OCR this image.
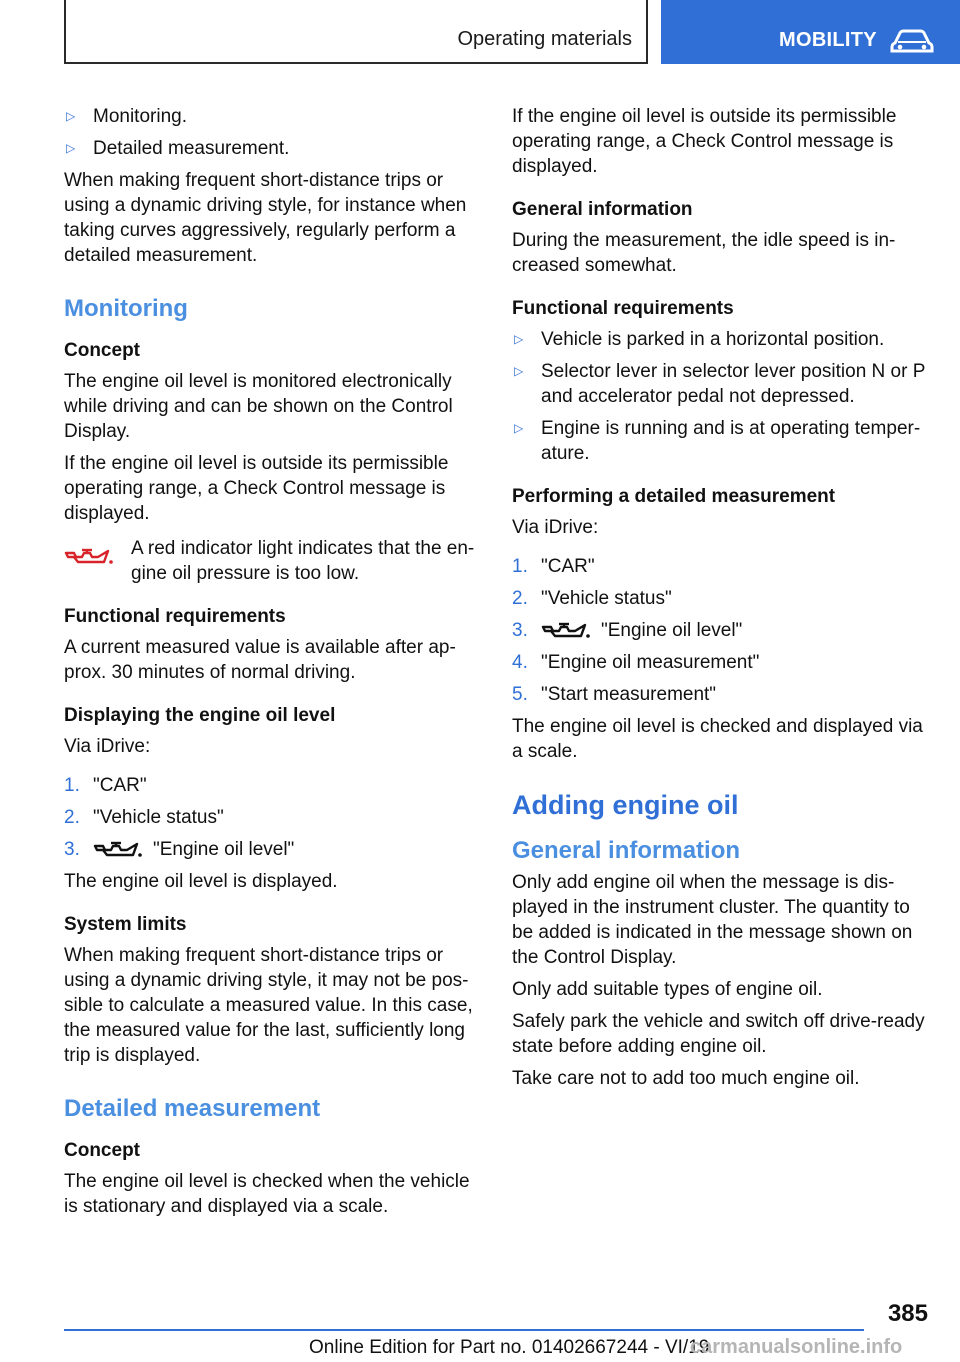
Operating materials	MOBILITY
▷ Monitoring.
▷ Detailed measurement.

When making frequent short-distance trips or using a dynamic driving style, for instance when taking curves aggressively, regularly perform a detailed measurement.

Monitoring
Concept

The engine oil level is monitored electronically while driving and can be shown on the Control Display.

If the engine oil level is outside its permissible operating range, a Check Control message is displayed.

A red indicator light indicates that the en‐gine oil pressure is too low.

Functional requirements

A current measured value is available after ap‐prox. 30 minutes of normal driving.

Displaying the engine oil level

Via iDrive:

1. "CAR"
2. "Vehicle status"
3.	"Engine oil level"

The engine oil level is displayed.

System limits

When making frequent short-distance trips or using a dynamic driving style, it may not be pos‐sible to calculate a measured value. In this case, the measured value for the last, sufficiently long trip is displayed.

Detailed measurement
Concept

The engine oil level is checked when the vehicle is stationary and displayed via a scale.

If the engine oil level is outside its permissible operating range, a Check Control message is displayed.

General information

During the measurement, the idle speed is in‐creased somewhat.

Functional requirements
▷ Vehicle is parked in a horizontal position.
▷ Selector lever in selector lever position N or P and accelerator pedal not depressed.
▷ Engine is running and is at operating temper‐ature.
Performing a detailed measurement

Via iDrive:

1. "CAR"
2. "Vehicle status"
3.	"Engine oil level"
4. "Engine oil measurement"
5. "Start measurement"

The engine oil level is checked and displayed via a scale.

Adding engine oil
General information

Only add engine oil when the message is dis‐played in the instrument cluster. The quantity to be added is indicated in the message shown on the Control Display.

Only add suitable types of engine oil.

Safely park the vehicle and switch off drive-ready state before adding engine oil.

Take care not to add too much engine oil.

385
Online Edition for Part no. 01402667244 - VI/19
carmanualsonline.info
